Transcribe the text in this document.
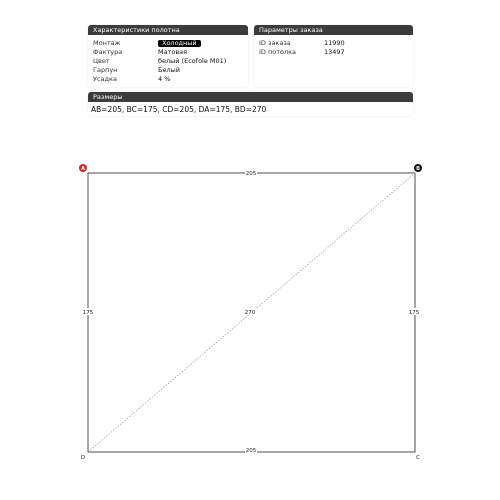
Характеристики полотна
Монтаж	Холодный
Фактура	Матовая
Цвет	белый (Ecofole M01)
Гарпун	Белый
Усадка	4 %
Параметры заказа
ID заказа	11990
ID потолка	13497
Размеры
AB=205, BC=175, CD=205, DA=175, BD=270
205
205
175	175
270
A	B
C
D
